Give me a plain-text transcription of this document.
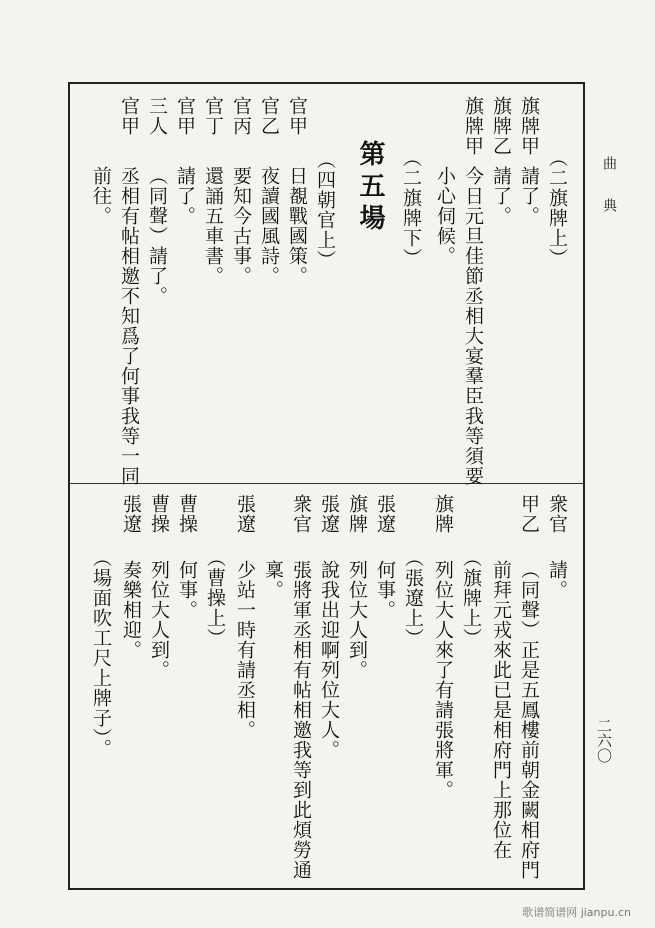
曲典
（二旗牌上）
旗牌甲
請了。
旗牌乙
請了。
旗牌甲
今日元旦佳節丞相大宴羣臣我等須要
小心伺候。
（二旗牌下）
第五場
（四朝官上）
官甲
日覩戰國策。
官乙
夜讀國風詩。
官丙
要知今古事。
官丁
還誦五車書。
官甲
請了。
三人
（同聲）請了。
官甲
丞相有帖相邀不知爲了何事我等一同
前往。
衆官
請。
甲乙
（同聲）正是五鳳樓前朝金闕相府門
前拜元戎來此已是相府門上那位在
（旗牌上）
旗牌
列位大人來了有請張將軍。
（張遼上）
張遼
何事。
旗牌
列位大人到。
張遼
說我出迎啊列位大人。
衆官
張將軍丞相有帖相邀我等到此煩勞通
稟。
張遼
少站一時有請丞相。
（曹操上）
曹操
何事。
曹操
列位大人到。
張遼
奏樂相迎。
（場面吹工尺上牌子）。	二六〇
歌谱简谱网 jianpu.cn
